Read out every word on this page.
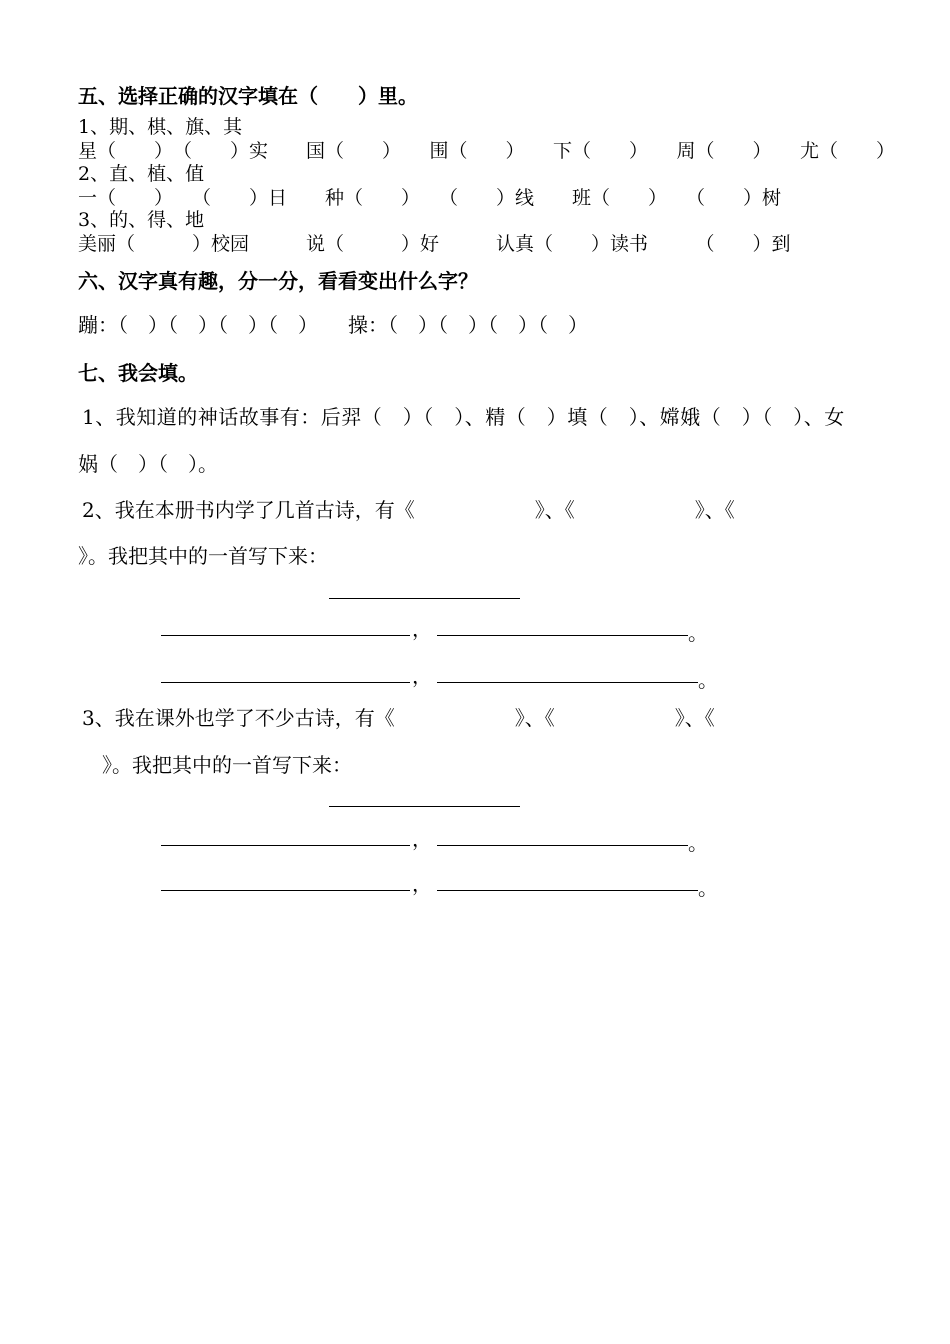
五、选择正确的汉字填在（　　）里。
1、期、棋、旗、其
星（　　）　（　　）实　　国（　　）　　围（　　）　　下（　　）　　周（　　）　　尤（　　）
2、直、植、值
一（　　）　　（　　）日　　种（　　）　　（　　）线　　班（　　）　　（　　）树
3、的、得、地
美丽（　　　）校园　　　说（　　　）好　　　认真（　　）读书　　　（　　）到
六、汉字真有趣，分一分，看看变出什么字？
蹦：（　）（　）（　）（　）　　操：（　）（　）（　）（　）
七、我会填。
1、我知道的神话故事有：后羿（　）（　）、精（　）填（　）、嫦娥（　）（　）、女
娲（　）（　）。
2、我在本册书内学了几首古诗，有《　　　　　　》、《　　　　　　》、《
》。我把其中的一首写下来：
，	。
，	。
3、我在课外也学了不少古诗，有《　　　　　　》、《　　　　　　》、《
》。我把其中的一首写下来：
，	。
，	。
